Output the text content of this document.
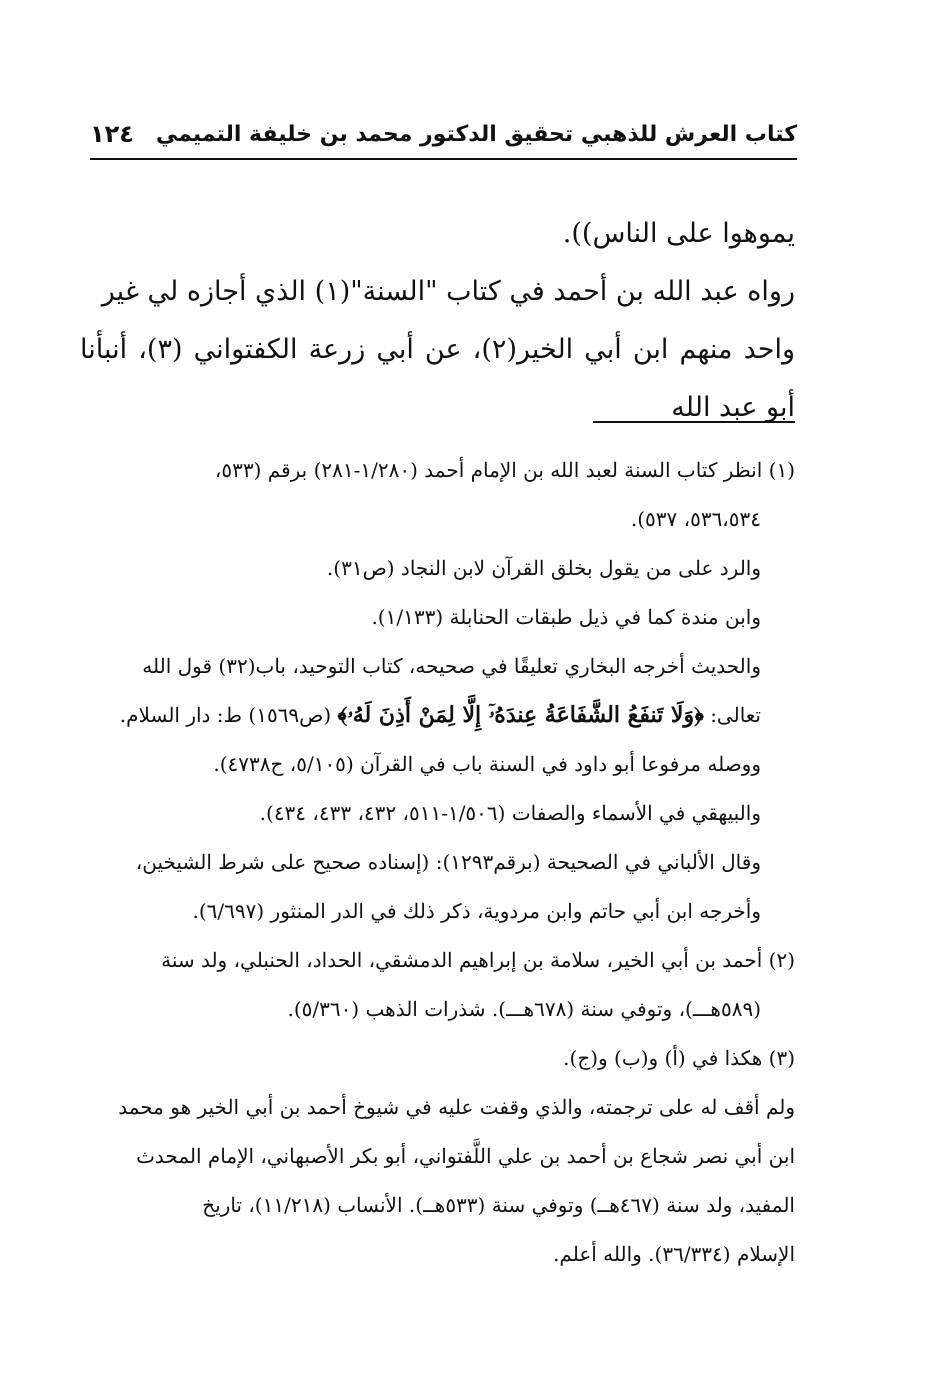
كتاب العرش للذهبي تحقيق الدكتور محمد بن خليفة التميمي
١٢٤

يموهوا على الناس)).

رواه عبد الله بن أحمد في كتاب "السنة"(١) الذي أجازه لي غير

واحد منهم ابن أبي الخير(٢)، عن أبي زرعة الكفتواني (٣)، أنبأنا أبو عبد الله

(١) انظر كتاب السنة لعبد الله بن الإمام أحمد (١/٢٨٠-٢٨١) برقم (٥٣٣،

٥٣٦،٥٣٤، ٥٣٧).

والرد على من يقول بخلق القرآن لابن النجاد (ص٣١).

وابن مندة كما في ذيل طبقات الحنابلة (١/١٣٣).

والحديث أخرجه البخاري تعليقًا في صحيحه، كتاب التوحيد، باب(٣٢) قول الله

تعالى: ﴿وَلَا تَنفَعُ الشَّفَاعَةُ عِندَهُۥٓ إِلَّا لِمَنْ أَذِنَ لَهُۥ﴾ (ص١٥٦٩) ط: دار السلام.

ووصله مرفوعا أبو داود في السنة باب في القرآن (٥/١٠٥، ح٤٧٣٨).

والبيهقي في الأسماء والصفات (١/٥٠٦-٥١١، ٤٣٢، ٤٣٣، ٤٣٤).

وقال الألباني في الصحيحة (برقم١٢٩٣): (إسناده صحيح على شرط الشيخين،

وأخرجه ابن أبي حاتم وابن مردوية، ذكر ذلك في الدر المنثور (٦/٦٩٧).

(٢) أحمد بن أبي الخير، سلامة بن إبراهيم الدمشقي، الحداد، الحنبلي، ولد سنة

(٥٨٩هـــ)، وتوفي سنة (٦٧٨هـــ). شذرات الذهب (٥/٣٦٠).

(٣) هكذا في (أ) و(ب) و(ج).

ولم أقف له على ترجمته، والذي وقفت عليه في شيوخ أحمد بن أبي الخير هو محمد

ابن أبي نصر شجاع بن أحمد بن علي اللَّفتواني، أبو بكر الأصبهاني، الإمام المحدث

المفيد، ولد سنة (٤٦٧هــ) وتوفي سنة (٥٣٣هــ). الأنساب (١١/٢١٨)، تاريخ

الإسلام (٣٦/٣٣٤). والله أعلم.
